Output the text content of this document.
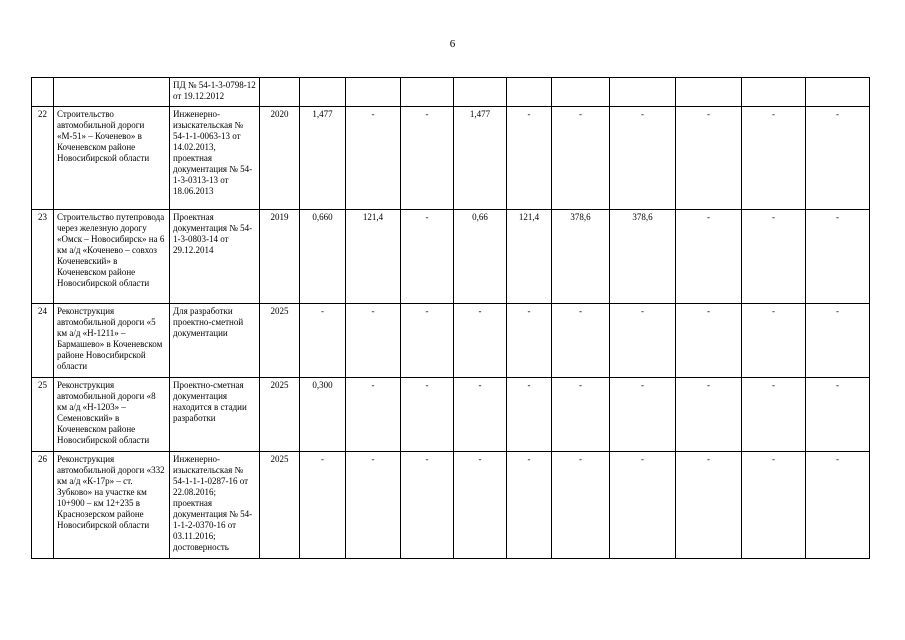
6
		ПД № 54-1-3-0798-12 от 19.12.2012											
22	Строительство автомобильной дороги «М-51» – Коченево» в Коченевском районе Новосибирской области	Инженерно-изыскательская № 54-1-1-0063-13 от 14.02.2013, проектная документация № 54-1-3-0313-13 от 18.06.2013	2020	1,477	-	-	1,477	-	-	-	-	-	-
23	Строительство путепровода через железную дорогу «Омск – Новосибирск» на 6 км а/д «Коченево – совхоз Коченевский» в Коченевском районе Новосибирской области	Проектная документация № 54-1-3-0803-14 от 29.12.2014	2019	0,660	121,4	-	0,66	121,4	378,6	378,6	-	-	-
24	Реконструкция автомобильной дороги «5 км а/д «Н-1211» – Бармашево» в Коченевском районе Новосибирской области	Для разработки проектно-сметной документации	2025	-	-	-	-	-	-	-	-	-	-
25	Реконструкция автомобильной дороги «8 км а/д «Н-1203» – Семеновский» в Коченевском районе Новосибирской области	Проектно-сметная документация находится в стадии разработки	2025	0,300	-	-	-	-	-	-	-	-	-
26	Реконструкция автомобильной дороги «332 км а/д «К-17р» – ст. Зубково» на участке км 10+900 – км 12+235 в Краснозерском районе Новосибирской области	Инженерно-изыскательская № 54-1-1-1-0287-16 от 22.08.2016; проектная документация № 54-1-1-2-0370-16 от 03.11.2016; достоверность	2025	-	-	-	-	-	-	-	-	-	-
